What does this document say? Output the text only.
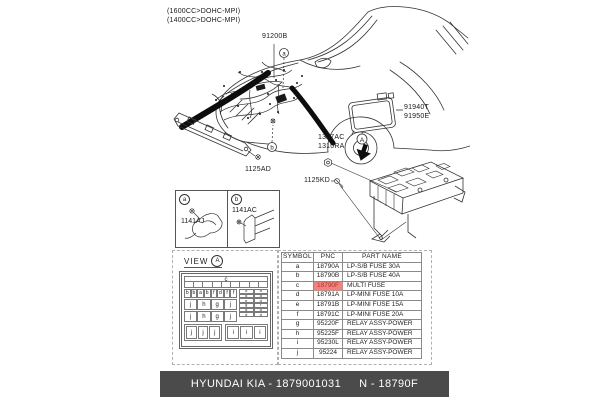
(1600CC>DOHC-MPI)
(1400CC>DOHC-MPI)
a
b
A
91200B
91940T
91950E
1327AC
1310RA
1125KD
1125AD
a
1141AJ
b
1141AC
VIEW	A
c
b b a b f d f	f
j	h	g	j
j	h	g	j
d	d
d	d
e	d
g	f
d	d
d	d
j	j	j	i	i	i
SYMBOL	PNC	PART NAME
a	18790A	LP-S/B FUSE 30A
b	18790B	LP-S/B FUSE 40A
c	18790F	MULTI FUSE
d	18791A	LP-MINI FUSE 10A
e	18791B	LP-MINI FUSE 15A
f	18791C	LP-MINI FUSE 20A
g	95220F	RELAY ASSY-POWER
h	95225F	RELAY ASSY-POWER
i	95230L	RELAY ASSY-POWER
j	95224	RELAY ASSY-POWER
HYUNDAI KIA - 1879001031 N - 18790F
